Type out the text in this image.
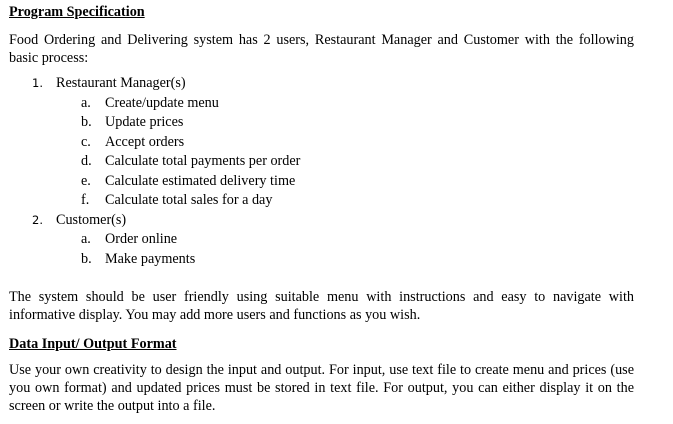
Program Specification

Food Ordering and Delivering system has 2 users, Restaurant Manager and Customer with the following basic process:

1. Restaurant Manager(s)
a. Create/update menu
b. Update prices
c. Accept orders
d. Calculate total payments per order
e. Calculate estimated delivery time
f. Calculate total sales for a day
2. Customer(s)
a. Order online
b. Make payments

The system should be user friendly using suitable menu with instructions and easy to navigate with informative display. You may add more users and functions as you wish.

Data Input/ Output Format

Use your own creativity to design the input and output. For input, use text file to create menu and prices (use you own format) and updated prices must be stored in text file. For output, you can either display it on the screen or write the output into a file.
